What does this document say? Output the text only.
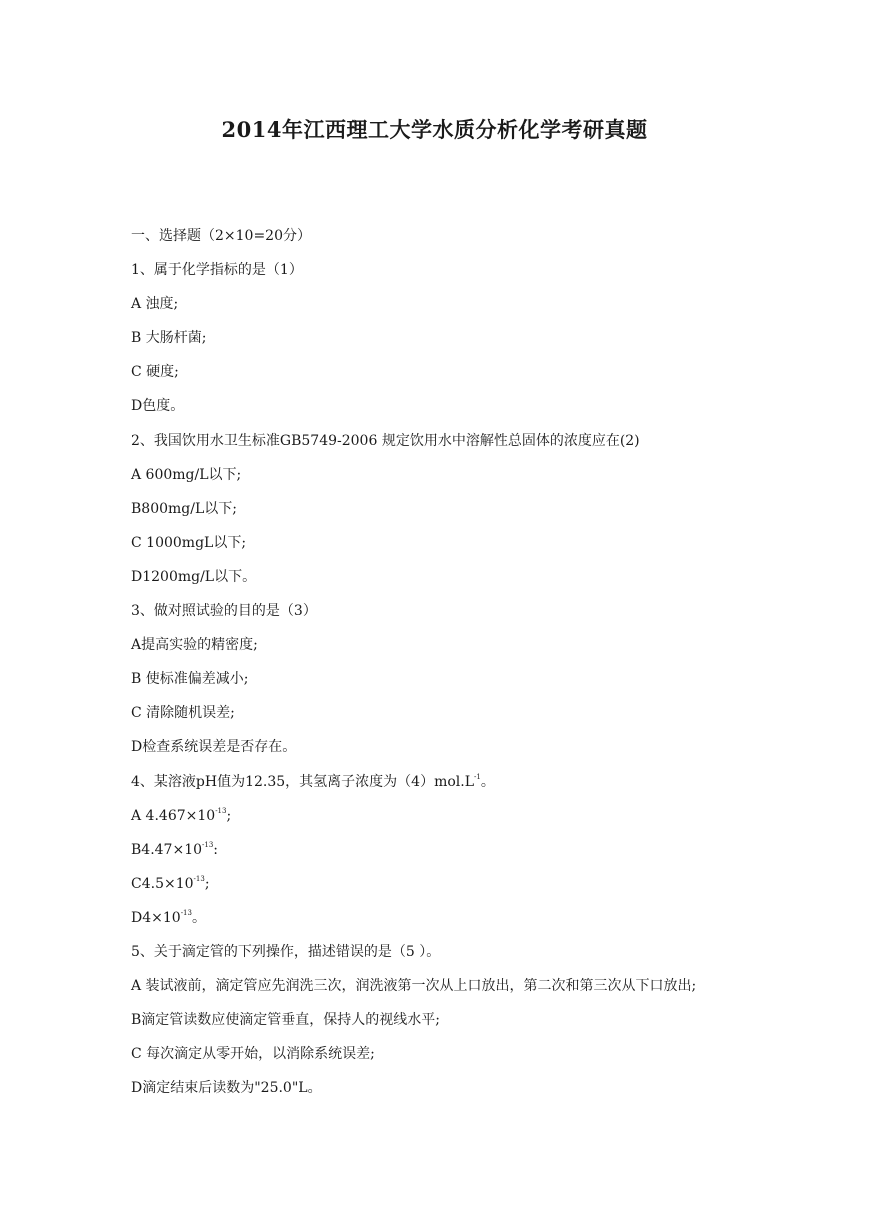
2014年江西理工大学水质分析化学考研真题
一、选择题（2×10=20分）
1、属于化学指标的是（1）
A 浊度;
B 大肠杆菌;
C 硬度;
D色度。
2、我国饮用水卫生标准GB5749-2006 规定饮用水中溶解性总固体的浓度应在(2)
A 600mg/L以下;
B800mg/L以下;
C 1000mgL以下;
D1200mg/L以下。
3、做对照试验的目的是（3）
A提高实验的精密度;
B 使标准偏差减小;
C 清除随机误差;
D检查系统误差是否存在。
4、某溶液pH值为12.35，其氢离子浓度为$(4)mol.L^{-1}$。
A $4.467\times 10^{-13}$;
$B4.47\times 10^{-13}$:
$C4.5\times 10^{-13}$;
$D4\times 10^{-13}$。
5、关于滴定管的下列操作，描述错误的是（5 ）。
A 装试液前，滴定管应先润洗三次，润洗液第一次从上口放出，第二次和第三次从下口放出;
B滴定管读数应使滴定管垂直，保持人的视线水平;
C 每次滴定从零开始，以消除系统误差;
D滴定结束后读数为"25.0"L。
